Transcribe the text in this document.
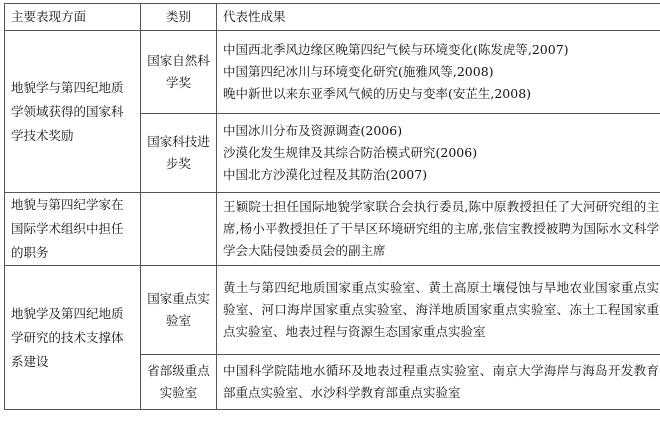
主要表现方面	类别	代表性成果

地貌学与第四纪地质学领域获得的国家科学技术奖励	国家自然科学奖	中国西北季风边缘区晚第四纪气候与环境变化(陈发虎等,2007)
中国第四纪冰川与环境变化研究(施雅风等,2008)
晚中新世以来东亚季风气候的历史与变率(安芷生,2008)

	国家科技进步奖	中国冰川分布及资源调查(2006)
沙漠化发生规律及其综合防治模式研究(2006)
中国北方沙漠化过程及其防治(2007)

地貌与第四纪学家在国际学术组织中担任的职务		王颖院士担任国际地貌学家联合会执行委员,陈中原教授担任了大河研究组的主席,杨小平教授担任了干旱区环境研究组的主席,张信宝教授被聘为国际水文科学学会大陆侵蚀委员会的副主席

地貌学及第四纪地质学研究的技术支撑体系建设	国家重点实验室	黄土与第四纪地质国家重点实验室、黄土高原土壤侵蚀与旱地农业国家重点实验室、河口海岸国家重点实验室、海洋地质国家重点实验室、冻土工程国家重点实验室、地表过程与资源生态国家重点实验室

	省部级重点实验室	中国科学院陆地水循环及地表过程重点实验室、南京大学海岸与海岛开发教育部重点实验室、水沙科学教育部重点实验室
